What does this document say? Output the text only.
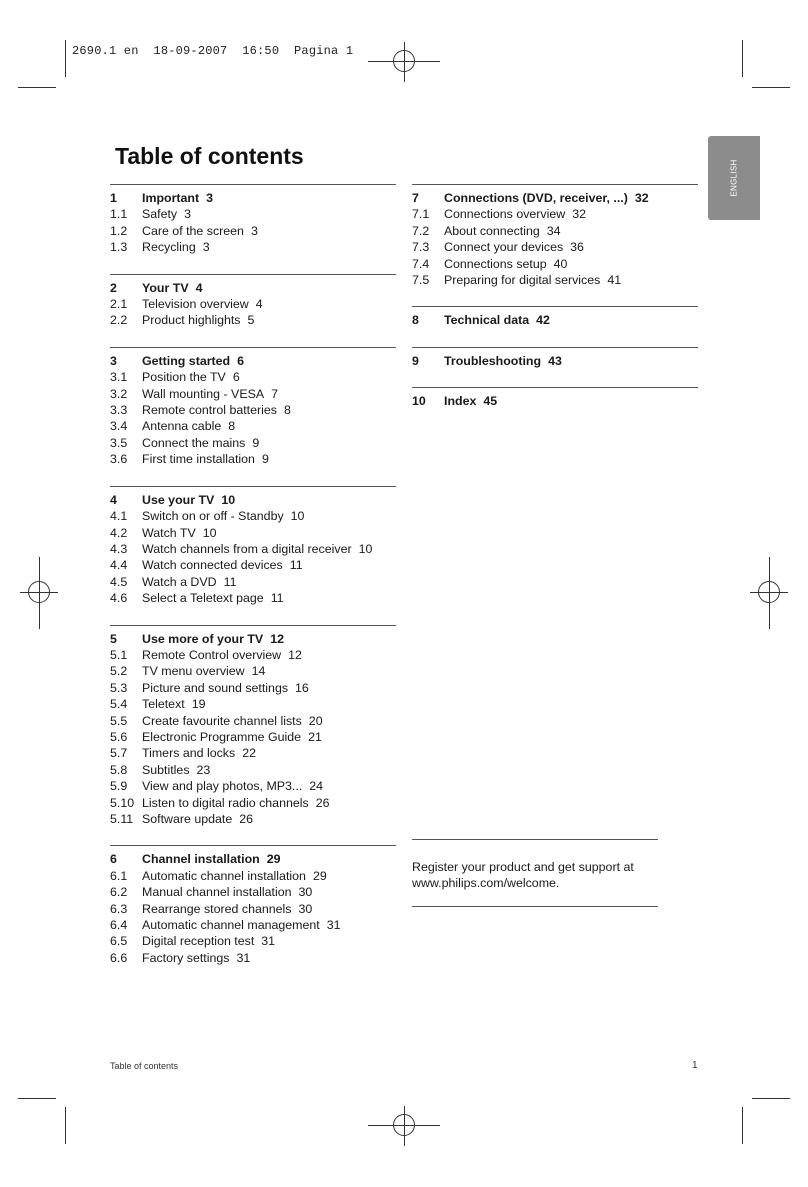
2690.1 en  18-09-2007  16:50  Pagina 1
ENGLISH
Table of contents
1	Important 3
1.1	Safety 3
1.2	Care of the screen 3
1.3	Recycling 3
2	Your TV 4
2.1	Television overview 4
2.2	Product highlights 5
3	Getting started 6
3.1	Position the TV 6
3.2	Wall mounting - VESA 7
3.3	Remote control batteries 8
3.4	Antenna cable 8
3.5	Connect the mains 9
3.6	First time installation 9
4	Use your TV 10
4.1	Switch on or off - Standby 10
4.2	Watch TV 10
4.3	Watch channels from a digital receiver 10
4.4	Watch connected devices 11
4.5	Watch a DVD 11
4.6	Select a Teletext page 11
5	Use more of your TV 12
5.1	Remote Control overview 12
5.2	TV menu overview 14
5.3	Picture and sound settings 16
5.4	Teletext 19
5.5	Create favourite channel lists 20
5.6	Electronic Programme Guide 21
5.7	Timers and locks 22
5.8	Subtitles 23
5.9	View and play photos, MP3... 24
5.10 Listen to digital radio channels 26
5.11 Software update 26
6	Channel installation 29
6.1	Automatic channel installation 29
6.2	Manual channel installation 30
6.3	Rearrange stored channels 30
6.4	Automatic channel management 31
6.5	Digital reception test 31
6.6	Factory settings 31
7	Connections (DVD, receiver, ...) 32
7.1	Connections overview 32
7.2	About connecting 34
7.3	Connect your devices 36
7.4	Connections setup 40
7.5	Preparing for digital services 41
8	Technical data 42
9	Troubleshooting 43
10	Index 45
Register your product and get support at
www.philips.com/welcome.
Table of contents	1
